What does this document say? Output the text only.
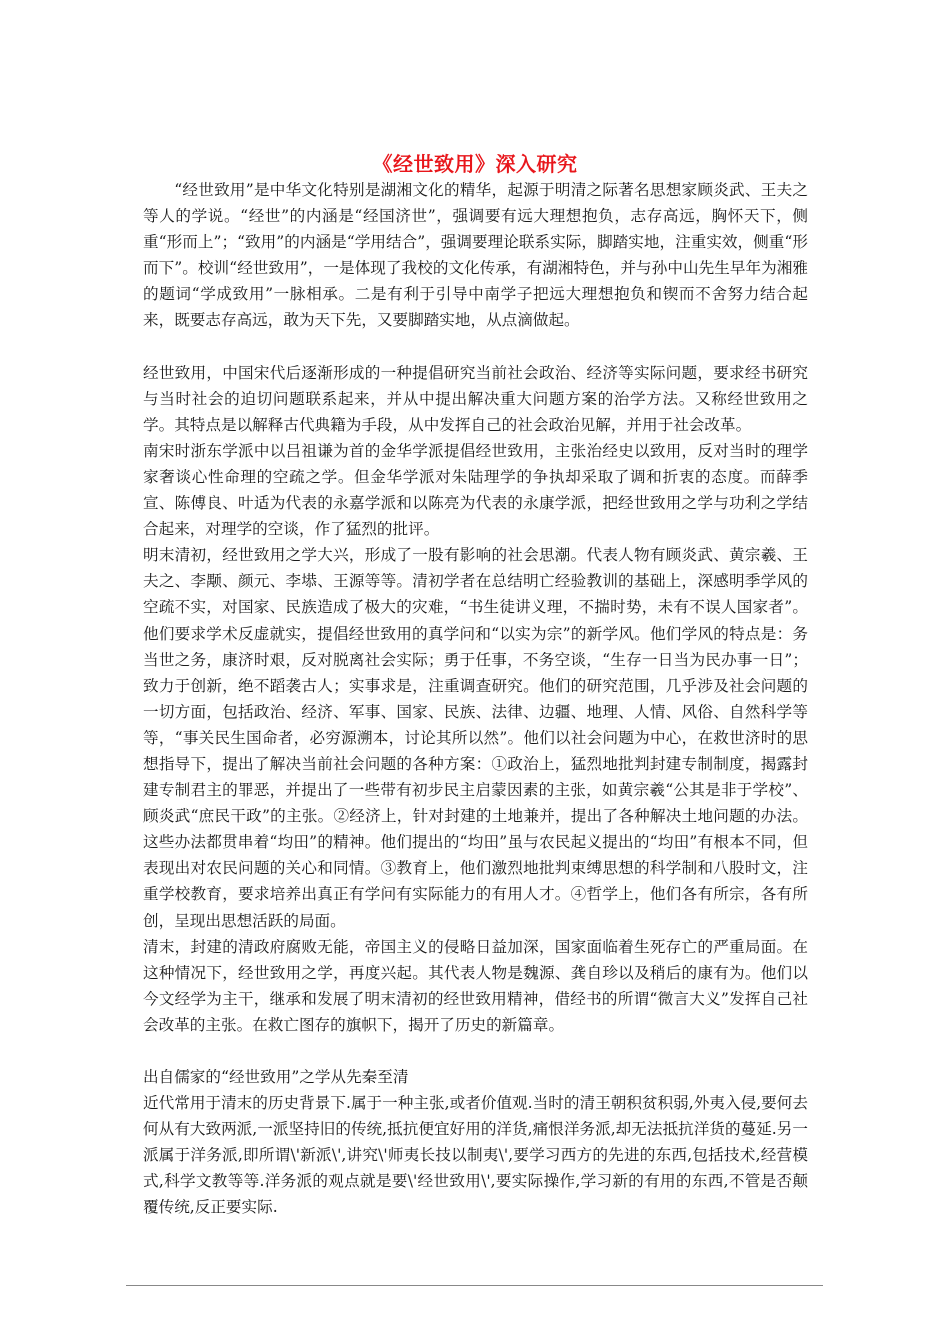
《经世致用》深入研究

“经世致用”是中华文化特别是湖湘文化的精华，起源于明清之际著名思想家顾炎武、王夫之等人的学说。“经世”的内涵是“经国济世”，强调要有远大理想抱负，志存高远，胸怀天下，侧重“形而上”；“致用”的内涵是“学用结合”，强调要理论联系实际，脚踏实地，注重实效，侧重“形而下”。校训“经世致用”，一是体现了我校的文化传承，有湖湘特色，并与孙中山先生早年为湘雅的题词“学成致用”一脉相承。二是有利于引导中南学子把远大理想抱负和锲而不舍努力结合起来，既要志存高远，敢为天下先，又要脚踏实地，从点滴做起。

经世致用，中国宋代后逐渐形成的一种提倡研究当前社会政治、经济等实际问题，要求经书研究与当时社会的迫切问题联系起来，并从中提出解决重大问题方案的治学方法。又称经世致用之学。其特点是以解释古代典籍为手段，从中发挥自己的社会政治见解，并用于社会改革。

南宋时浙东学派中以吕祖谦为首的金华学派提倡经世致用，主张治经史以致用，反对当时的理学家奢谈心性命理的空疏之学。但金华学派对朱陆理学的争执却采取了调和折衷的态度。而薛季宣、陈傅良、叶适为代表的永嘉学派和以陈亮为代表的永康学派，把经世致用之学与功利之学结合起来，对理学的空谈，作了猛烈的批评。

明末清初，经世致用之学大兴，形成了一股有影响的社会思潮。代表人物有顾炎武、黄宗羲、王夫之、李颙、颜元、李塨、王源等等。清初学者在总结明亡经验教训的基础上，深感明季学风的空疏不实，对国家、民族造成了极大的灾难，“书生徒讲义理，不揣时势，未有不误人国家者”。他们要求学术反虚就实，提倡经世致用的真学问和“以实为宗”的新学风。他们学风的特点是：务当世之务，康济时艰，反对脱离社会实际；勇于任事，不务空谈，“生存一日当为民办事一日”；致力于创新，绝不蹈袭古人；实事求是，注重调查研究。他们的研究范围，几乎涉及社会问题的一切方面，包括政治、经济、军事、国家、民族、法律、边疆、地理、人情、风俗、自然科学等等，“事关民生国命者，必穷源溯本，讨论其所以然”。他们以社会问题为中心，在救世济时的思想指导下，提出了解决当前社会问题的各种方案：①政治上，猛烈地批判封建专制制度，揭露封建专制君主的罪恶，并提出了一些带有初步民主启蒙因素的主张，如黄宗羲“公其是非于学校”、顾炎武“庶民干政”的主张。②经济上，针对封建的土地兼并，提出了各种解决土地问题的办法。这些办法都贯串着“均田”的精神。他们提出的“均田”虽与农民起义提出的“均田”有根本不同，但表现出对农民问题的关心和同情。③教育上，他们激烈地批判束缚思想的科学制和八股时文，注重学校教育，要求培养出真正有学问有实际能力的有用人才。④哲学上，他们各有所宗，各有所创，呈现出思想活跃的局面。

清末，封建的清政府腐败无能，帝国主义的侵略日益加深，国家面临着生死存亡的严重局面。在这种情况下，经世致用之学，再度兴起。其代表人物是魏源、龚自珍以及稍后的康有为。他们以今文经学为主干，继承和发展了明末清初的经世致用精神，借经书的所谓“微言大义”发挥自己社会改革的主张。在救亡图存的旗帜下，揭开了历史的新篇章。

出自儒家的“经世致用”之学从先秦至清

近代常用于清末的历史背景下.属于一种主张,或者价值观.当时的清王朝积贫积弱,外夷入侵,要何去何从有大致两派,一派坚持旧的传统,抵抗便宜好用的洋货,痛恨洋务派,却无法抵抗洋货的蔓延.另一派属于洋务派,即所谓\'新派\',讲究\'师夷长技以制夷\',要学习西方的先进的东西,包括技术,经营模式,科学文教等等.洋务派的观点就是要\'经世致用\',要实际操作,学习新的有用的东西,不管是否颠覆传统,反正要实际.
